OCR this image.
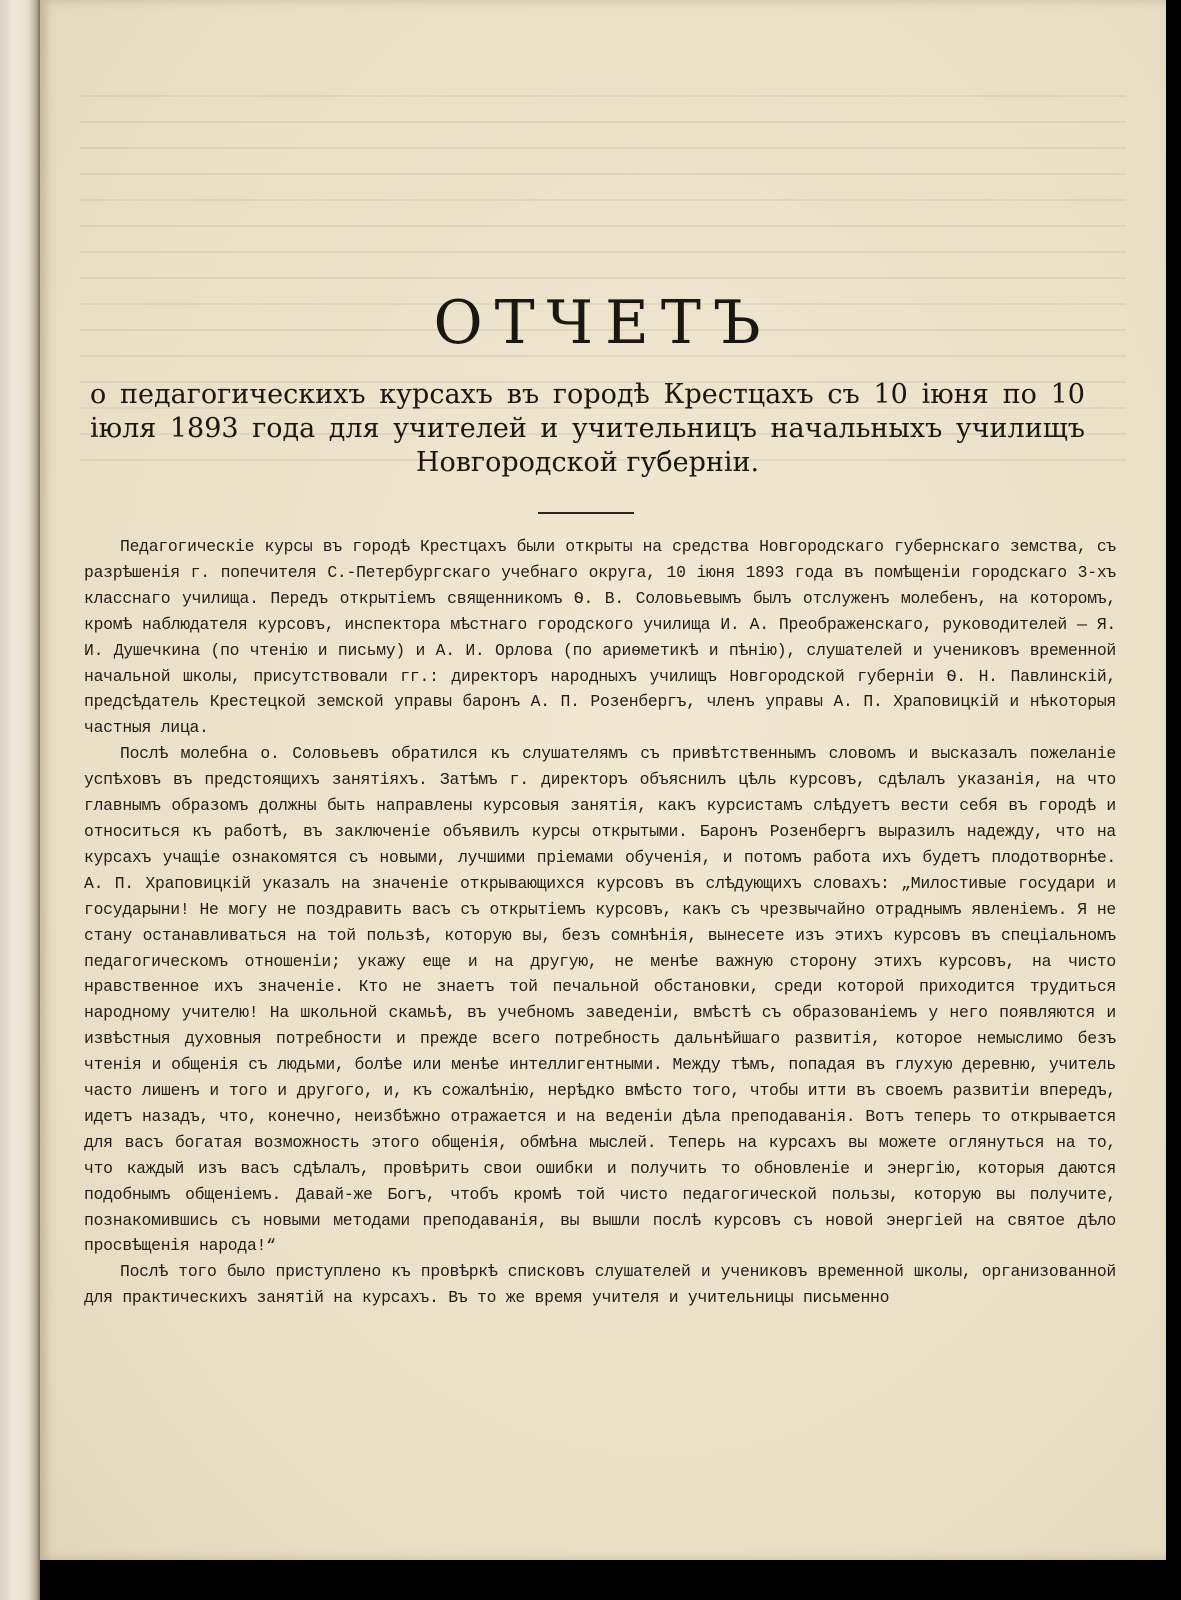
ОТЧЕТЪ

о педагогическихъ курсахъ въ городѣ Крестцахъ съ 10 іюня по 10 іюля 1893 года для учителей и учительницъ начальныхъ училищъ Новгородской губерніи.

Педагогическіе курсы въ городѣ Крестцахъ были открыты на средства Новгородскаго губернскаго земства, съ разрѣшенія г. попечителя С.-Петербургскаго учебнаго округа, 10 іюня 1893 года въ помѣщеніи городскаго 3-хъ класснаго училища. Передъ открытіемъ священникомъ Ѳ. В. Соловьевымъ былъ отслуженъ молебенъ, на которомъ, кромѣ наблюдателя курсовъ, инспектора мѣстнаго городского училища И. А. Преображенскаго, руководителей — Я. И. Душечкина (по чтенію и письму) и А. И. Орлова (по ариѳметикѣ и пѣнію), слушателей и учениковъ временной начальной школы, присутствовали гг.: директоръ народныхъ училищъ Новгородской губерніи Ѳ. Н. Павлинскій, предсѣдатель Крестецкой земской управы баронъ А. П. Розенбергъ, членъ управы А. П. Храповицкій и нѣкоторыя частныя лица.

Послѣ молебна о. Соловьевъ обратился къ слушателямъ съ привѣтственнымъ словомъ и высказалъ пожеланіе успѣховъ въ предстоящихъ занятіяхъ. Затѣмъ г. директоръ объяснилъ цѣль курсовъ, сдѣлалъ указанія, на что главнымъ образомъ должны быть направлены курсовыя занятія, какъ курсистамъ слѣдуетъ вести себя въ городѣ и относиться къ работѣ, въ заключеніе объявилъ курсы открытыми. Баронъ Розенбергъ выразилъ надежду, что на курсахъ учащіе ознакомятся съ новыми, лучшими пріемами обученія, и потомъ работа ихъ будетъ плодотворнѣе. А. П. Храповицкій указалъ на значеніе открывающихся курсовъ въ слѣдующихъ словахъ: „Милостивые государи и государыни! Не могу не поздравить васъ съ открытіемъ курсовъ, какъ съ чрезвычайно отраднымъ явленіемъ. Я не стану останавливаться на той пользѣ, которую вы, безъ сомнѣнія, вынесете изъ этихъ курсовъ въ спеціальномъ педагогическомъ отношеніи; укажу еще и на другую, не менѣе важную сторону этихъ курсовъ, на чисто нравственное ихъ значеніе. Кто не знаетъ той печальной обстановки, среди которой приходится трудиться народному учителю! На школьной скамьѣ, въ учебномъ заведеніи, вмѣстѣ съ образованіемъ у него появляются и извѣстныя духовныя потребности и прежде всего потребность дальнѣйшаго развитія, которое немыслимо безъ чтенія и общенія съ людьми, болѣе или менѣе интеллигентными. Между тѣмъ, попадая въ глухую деревню, учитель часто лишенъ и того и другого, и, къ сожалѣнію, нерѣдко вмѣсто того, чтобы итти въ своемъ развитіи впередъ, идетъ назадъ, что, конечно, неизбѣжно отражается и на веденіи дѣла преподаванія. Вотъ теперь то открывается для васъ богатая возможность этого общенія, обмѣна мыслей. Теперь на курсахъ вы можете оглянуться на то, что каждый изъ васъ сдѣлалъ, провѣрить свои ошибки и получить то обновленіе и энергію, которыя даются подобнымъ общеніемъ. Давай-же Богъ, чтобъ кромѣ той чисто педагогической пользы, которую вы получите, познакомившись съ новыми методами преподаванія, вы вышли послѣ курсовъ съ новой энергіей на святое дѣло просвѣщенія народа!“

Послѣ того было приступлено къ провѣркѣ списковъ слушателей и учениковъ временной школы, организованной для практическихъ занятій на курсахъ. Въ то же время учителя и учительницы письменно
